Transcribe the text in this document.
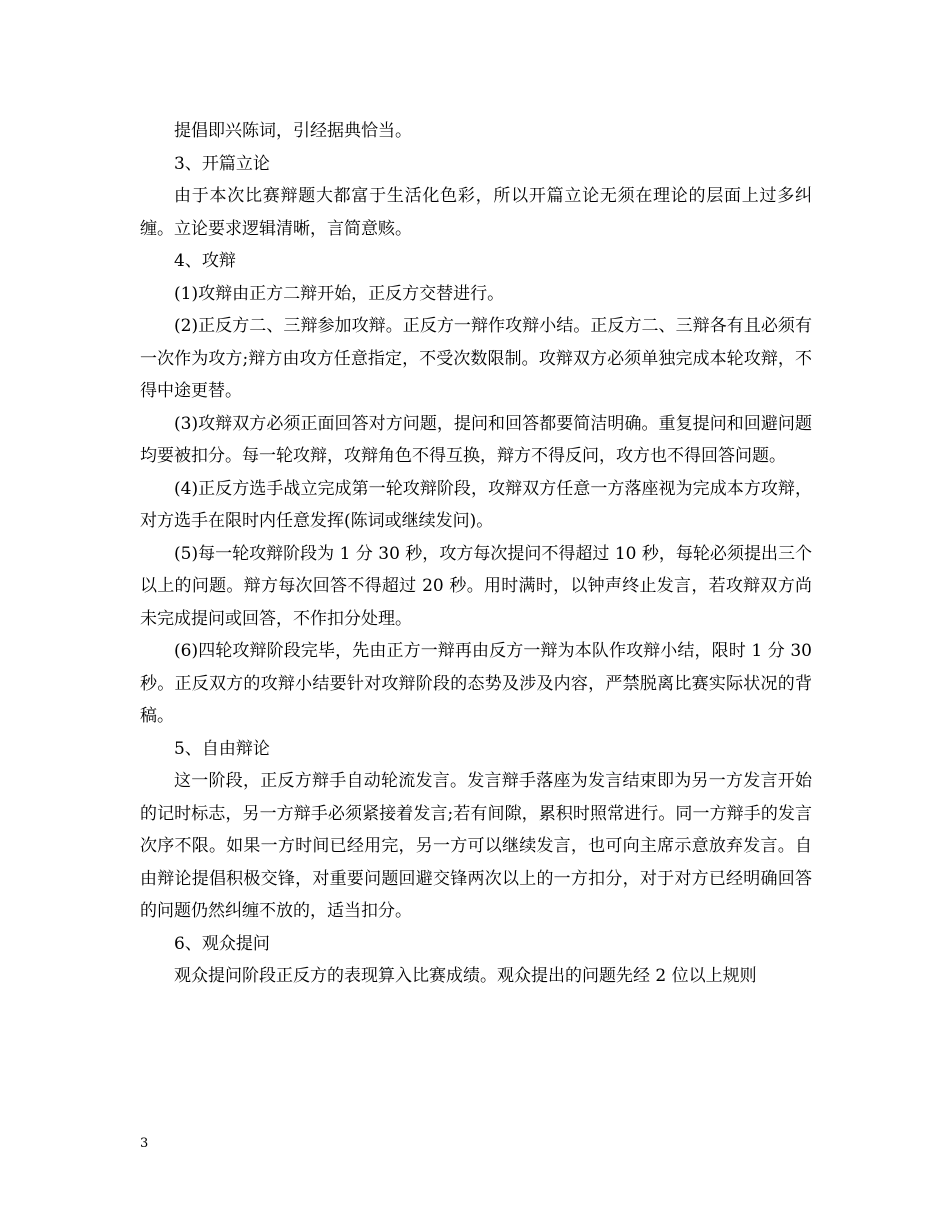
提倡即兴陈词，引经据典恰当。

3、开篇立论

由于本次比赛辩题大都富于生活化色彩，所以开篇立论无须在理论的层面上过多纠缠。立论要求逻辑清晰，言简意赅。

4、攻辩

(1)攻辩由正方二辩开始，正反方交替进行。

(2)正反方二、三辩参加攻辩。正反方一辩作攻辩小结。正反方二、三辩各有且必须有一次作为攻方;辩方由攻方任意指定，不受次数限制。攻辩双方必须单独完成本轮攻辩，不得中途更替。

(3)攻辩双方必须正面回答对方问题，提问和回答都要简洁明确。重复提问和回避问题均要被扣分。每一轮攻辩，攻辩角色不得互换，辩方不得反问，攻方也不得回答问题。

(4)正反方选手战立完成第一轮攻辩阶段，攻辩双方任意一方落座视为完成本方攻辩，对方选手在限时内任意发挥(陈词或继续发问)。

(5)每一轮攻辩阶段为 1 分 30 秒，攻方每次提问不得超过 10 秒，每轮必须提出三个以上的问题。辩方每次回答不得超过 20 秒。用时满时，以钟声终止发言，若攻辩双方尚未完成提问或回答，不作扣分处理。

(6)四轮攻辩阶段完毕，先由正方一辩再由反方一辩为本队作攻辩小结，限时 1 分 30 秒。正反双方的攻辩小结要针对攻辩阶段的态势及涉及内容，严禁脱离比赛实际状况的背稿。

5、自由辩论

这一阶段，正反方辩手自动轮流发言。发言辩手落座为发言结束即为另一方发言开始的记时标志，另一方辩手必须紧接着发言;若有间隙，累积时照常进行。同一方辩手的发言次序不限。如果一方时间已经用完，另一方可以继续发言，也可向主席示意放弃发言。自由辩论提倡积极交锋，对重要问题回避交锋两次以上的一方扣分，对于对方已经明确回答的问题仍然纠缠不放的，适当扣分。

6、观众提问

观众提问阶段正反方的表现算入比赛成绩。观众提出的问题先经 2 位以上规则

3
